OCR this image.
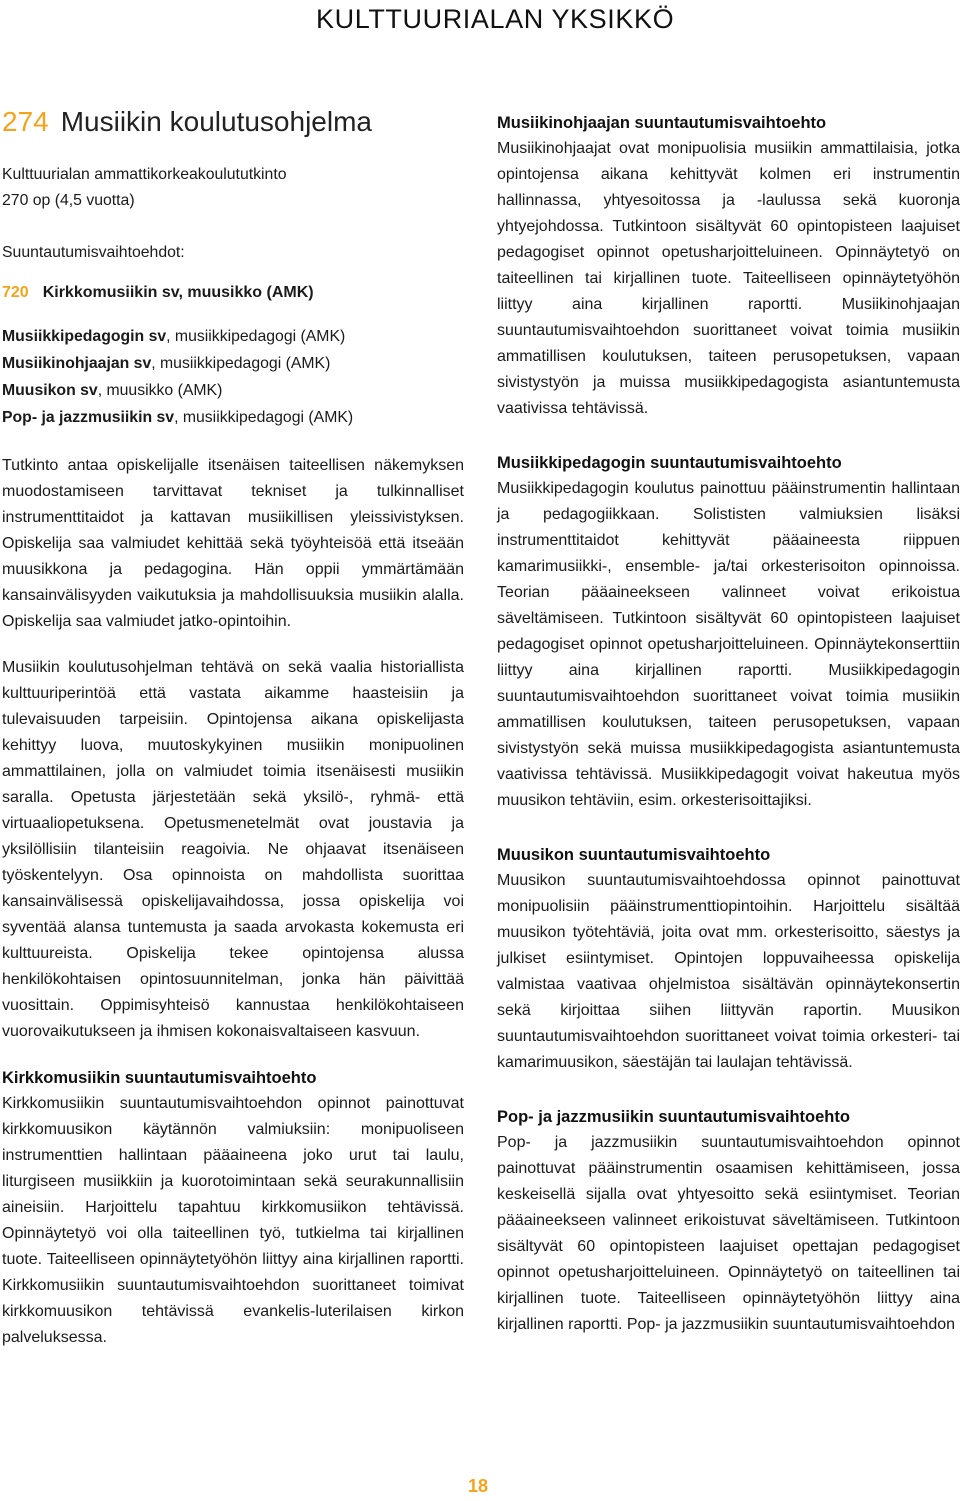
KULTTUURIALAN YKSIKKÖ
274 Musiikin koulutusohjelma

Kulttuurialan ammattikorkeakoulututkinto

270 op (4,5 vuotta)

Suuntautumisvaihtoehdot:

720 Kirkkomusiikin sv, muusikko (AMK)
Musiikkipedagogin sv, musiikkipedagogi (AMK)
Musiikinohjaajan sv, musiikkipedagogi (AMK)
Muusikon sv, muusikko (AMK)
Pop- ja jazzmusiikin sv, musiikkipedagogi (AMK)

Tutkinto antaa opiskelijalle itsenäisen taiteellisen näkemyksen muodostamiseen tarvittavat tekniset ja tulkinnalliset instrumenttitaidot ja kattavan musiikillisen yleissivistyksen. Opiskelija saa valmiudet kehittää sekä työyhteisöä että itseään muusikkona ja pedagogina. Hän oppii ymmärtämään kansainvälisyyden vaikutuksia ja mahdollisuuksia musiikin alalla. Opiskelija saa valmiudet jatko-opintoihin.

Musiikin koulutusohjelman tehtävä on sekä vaalia historiallista kulttuuriperintöä että vastata aikamme haasteisiin ja tulevaisuuden tarpeisiin. Opintojensa aikana opiskelijasta kehittyy luova, muutoskykyinen musiikin monipuolinen ammattilainen, jolla on valmiudet toimia itsenäisesti musiikin saralla. Opetusta järjestetään sekä yksilö-, ryhmä- että virtuaaliopetuksena. Opetusmenetelmät ovat joustavia ja yksilöllisiin tilanteisiin reagoivia. Ne ohjaavat itsenäiseen työskentelyyn. Osa opinnoista on mahdollista suorittaa kansainvälisessä opiskelijavaihdossa, jossa opiskelija voi syventää alansa tuntemusta ja saada arvokasta kokemusta eri kulttuureista. Opiskelija tekee opintojensa alussa henkilökohtaisen opintosuunnitelman, jonka hän päivittää vuosittain. Oppimisyhteisö kannustaa henkilökohtaiseen vuorovaikutukseen ja ihmisen kokonaisvaltaiseen kasvuun.

Kirkkomusiikin suuntautumisvaihtoehto

Kirkkomusiikin suuntautumisvaihtoehdon opinnot painottuvat kirkkomuusikon käytännön valmiuksiin: monipuoliseen instrumenttien hallintaan pääaineena joko urut tai laulu, liturgiseen musiikkiin ja kuorotoimintaan sekä seurakunnallisiin aineisiin. Harjoittelu tapahtuu kirkkomusiikon tehtävissä. Opinnäytetyö voi olla taiteellinen työ, tutkielma tai kirjallinen tuote. Taiteelliseen opinnäytetyöhön liittyy aina kirjallinen raportti. Kirkkomusiikin suuntautumisvaihtoehdon suorittaneet toimivat kirkkomuusikon tehtävissä evankelis-luterilaisen kirkon palveluksessa.

Musiikinohjaajan suuntautumisvaihtoehto

Musiikinohjaajat ovat monipuolisia musiikin ammattilaisia, jotka opintojensa aikana kehittyvät kolmen eri instrumentin hallinnassa, yhtyesoitossa ja -laulussa sekä kuoronja yhtyejohdossa. Tutkintoon sisältyvät 60 opintopisteen laajuiset pedagogiset opinnot opetusharjoitteluineen. Opinnäytetyö on taiteellinen tai kirjallinen tuote. Taiteelliseen opinnäytetyöhön liittyy aina kirjallinen raportti. Musiikinohjaajan suuntautumisvaihtoehdon suorittaneet voivat toimia musiikin ammatillisen koulutuksen, taiteen perusopetuksen, vapaan sivistystyön ja muissa musiikkipedagogista asiantuntemusta vaativissa tehtävissä.

Musiikkipedagogin suuntautumisvaihtoehto

Musiikkipedagogin koulutus painottuu pääinstrumentin hallintaan ja pedagogiikkaan. Solististen valmiuksien lisäksi instrumenttitaidot kehittyvät pääaineesta riippuen kamarimusiikki-, ensemble- ja/tai orkesterisoiton opinnoissa. Teorian pääaineekseen valinneet voivat erikoistua säveltämiseen. Tutkintoon sisältyvät 60 opintopisteen laajuiset pedagogiset opinnot opetusharjoitteluineen. Opinnäytekonserttiin liittyy aina kirjallinen raportti. Musiikkipedagogin suuntautumisvaihtoehdon suorittaneet voivat toimia musiikin ammatillisen koulutuksen, taiteen perusopetuksen, vapaan sivistystyön sekä muissa musiikkipedagogista asiantuntemusta vaativissa tehtävissä. Musiikkipedagogit voivat hakeutua myös muusikon tehtäviin, esim. orkesterisoittajiksi.

Muusikon suuntautumisvaihtoehto

Muusikon suuntautumisvaihtoehdossa opinnot painottuvat monipuolisiin pääinstrumenttiopintoihin. Harjoittelu sisältää muusikon työtehtäviä, joita ovat mm. orkesterisoitto, säestys ja julkiset esiintymiset. Opintojen loppuvaiheessa opiskelija valmistaa vaativaa ohjelmistoa sisältävän opinnäytekonsertin sekä kirjoittaa siihen liittyvän raportin. Muusikon suuntautumisvaihtoehdon suorittaneet voivat toimia orkesteri- tai kamarimuusikon, säestäjän tai laulajan tehtävissä.

Pop- ja jazzmusiikin suuntautumisvaihtoehto

Pop- ja jazzmusiikin suuntautumisvaihtoehdon opinnot painottuvat pääinstrumentin osaamisen kehittämiseen, jossa keskeisellä sijalla ovat yhtyesoitto sekä esiintymiset. Teorian pääaineekseen valinneet erikoistuvat säveltämiseen. Tutkintoon sisältyvät 60 opintopisteen laajuiset opettajan pedagogiset opinnot opetusharjoitteluineen. Opinnäytetyö on taiteellinen tai kirjallinen tuote. Taiteelliseen opinnäytetyöhön liittyy aina kirjallinen raportti. Pop- ja jazzmusiikin suuntautumisvaihtoehdon

18
